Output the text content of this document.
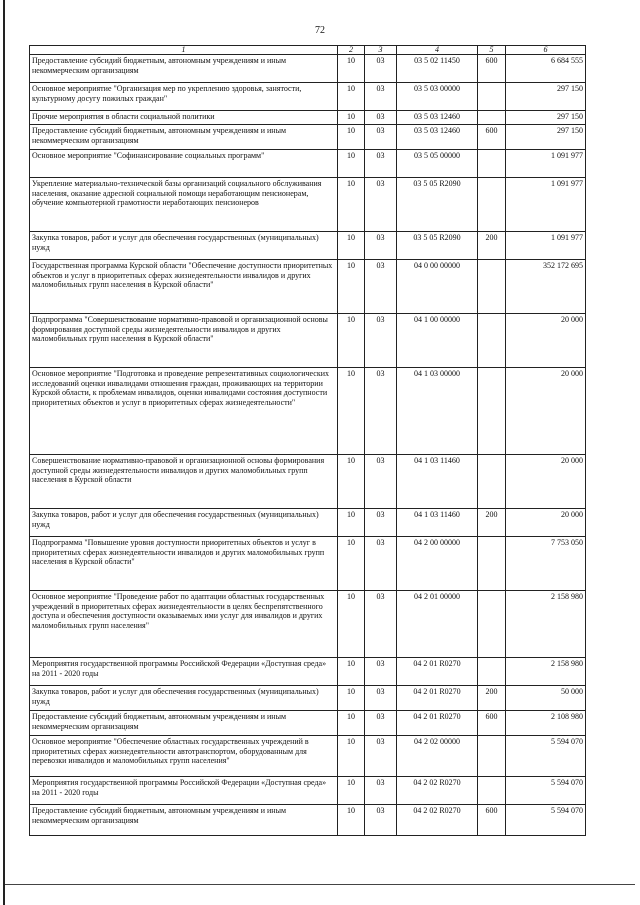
72
1	2	3	4	5	6
Предоставление субсидий бюджетным, автономным учреждениям и иным некоммерческим организациям	10	03	03 5 02 11450	600	6 684 555
Основное мероприятие "Организация мер по укреплению здоровья, занятости, культурному досугу пожилых граждан"	10	03	03 5 03 00000		297 150
Прочие мероприятия в области социальной политики	10	03	03 5 03 12460		297 150
Предоставление субсидий бюджетным, автономным учреждениям и иным некоммерческим организациям	10	03	03 5 03 12460	600	297 150
Основное мероприятие "Софинансирование социальных программ"	10	03	03 5 05 00000		1 091 977
Укрепление материально-технической базы организаций социального обслуживания населения, оказание адресной социальной помощи неработающим пенсионерам, обучение компьютерной грамотности неработающих пенсионеров	10	03	03 5 05 R2090		1 091 977
Закупка товаров, работ и услуг для обеспечения государственных (муниципальных) нужд	10	03	03 5 05 R2090	200	1 091 977
Государственная программа Курской области "Обеспечение доступности приоритетных объектов и услуг в приоритетных сферах жизнедеятельности инвалидов и других маломобильных групп населения в Курской области"	10	03	04 0 00 00000		352 172 695
Подпрограмма "Совершенствование нормативно-правовой и организационной основы формирования доступной среды жизнедеятельности инвалидов и других маломобильных групп населения в Курской области"	10	03	04 1 00 00000		20 000
Основное мероприятие "Подготовка и проведение репрезентативных социологических исследований оценки инвалидами отношения граждан, проживающих на территории Курской области, к проблемам инвалидов, оценки инвалидами состояния доступности приоритетных объектов и услуг в приоритетных сферах жизнедеятельности"	10	03	04 1 03 00000		20 000
Совершенствование нормативно-правовой и организационной основы формирования доступной среды жизнедеятельности инвалидов и других маломобильных групп населения в Курской области	10	03	04 1 03 11460		20 000
Закупка товаров, работ и услуг для обеспечения государственных (муниципальных) нужд	10	03	04 1 03 11460	200	20 000
Подпрограмма "Повышение уровня доступности приоритетных объектов и услуг в приоритетных сферах жизнедеятельности инвалидов и других маломобильных групп населения в Курской области"	10	03	04 2 00 00000		7 753 050
Основное мероприятие "Проведение работ по адаптации областных государственных учреждений в приоритетных сферах жизнедеятельности в целях беспрепятственного доступа и обеспечения доступности оказываемых ими услуг для инвалидов и других маломобильных групп населения"	10	03	04 2 01 00000		2 158 980
Мероприятия государственной программы Российской Федерации «Доступная среда» на 2011 - 2020 годы	10	03	04 2 01 R0270		2 158 980
Закупка товаров, работ и услуг для обеспечения государственных (муниципальных) нужд	10	03	04 2 01 R0270	200	50 000
Предоставление субсидий бюджетным, автономным учреждениям и иным некоммерческим организациям	10	03	04 2 01 R0270	600	2 108 980
Основное мероприятие "Обеспечение областных государственных учреждений в приоритетных сферах жизнедеятельности автотранспортом, оборудованным для перевозки инвалидов и маломобильных групп населения"	10	03	04 2 02 00000		5 594 070
Мероприятия государственной программы Российской Федерации «Доступная среда» на 2011 - 2020 годы	10	03	04 2 02 R0270		5 594 070
Предоставление субсидий бюджетным, автономным учреждениям и иным некоммерческим организациям	10	03	04 2 02 R0270	600	5 594 070
